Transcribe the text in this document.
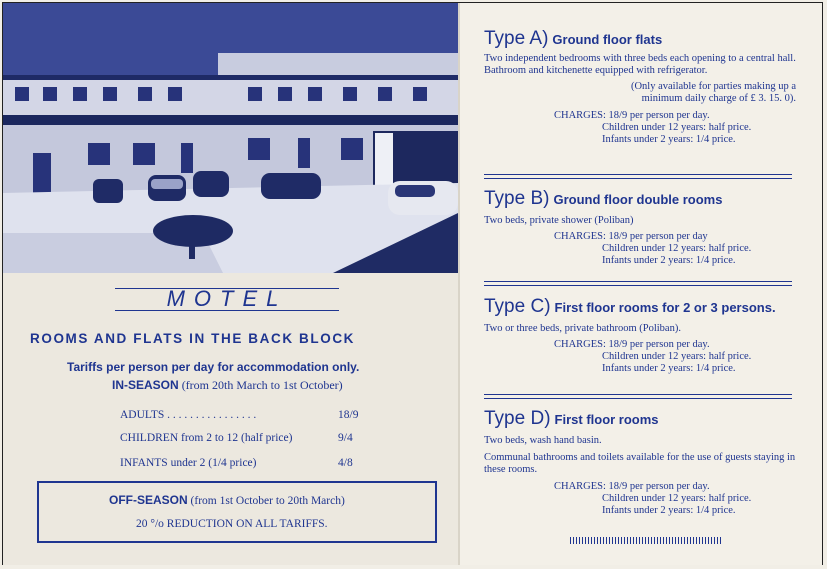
MOTEL
ROOMS AND FLATS IN THE BACK BLOCK
Tariffs per person per day for accommodation only.
IN-SEASON (from 20th March to 1st October)
ADULTS . . . . . . . . . . . . . . . .	18/9
CHILDREN from 2 to 12 (half price)	9/4
INFANTS under 2 (1/4 price)	4/8
OFF-SEASON (from 1st October to 20th March)
20 °/o REDUCTION ON ALL TARIFFS.
Type A) Ground floor flats
Two independent bedrooms with three beds each opening to a central hall. Bathroom and kitchenette equipped with refrigerator.
(Only available for parties making up a
minimum daily charge of £ 3. 15. 0).
CHARGES: 18/9 per person per day.
Children under 12 years: half price.
Infants under 2 years: 1/4 price.
Type B) Ground floor double rooms
Two beds, private shower (Poliban)
CHARGES: 18/9 per person per day
Children under 12 years: half price.
Infants under 2 years: 1/4 price.
Type C) First floor rooms for 2 or 3 persons.
Two or three beds, private bathroom (Poliban).
CHARGES: 18/9 per person per day.
Children under 12 years: half price.
Infants under 2 years: 1/4 price.
Type D) First floor rooms
Two beds, wash hand basin.
Communal bathrooms and toilets available for the use of guests staying in these rooms.
CHARGES: 18/9 per person per day.
Children under 12 years: half price.
Infants under 2 years: 1/4 price.
